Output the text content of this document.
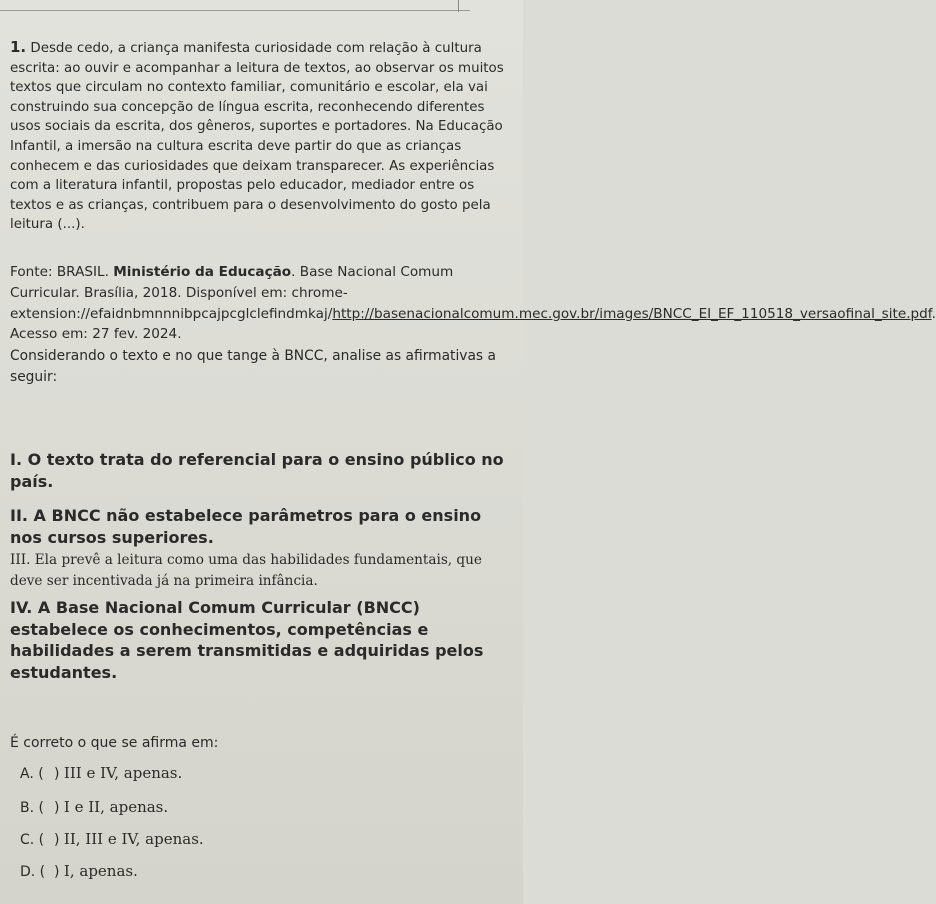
1. Desde cedo, a criança manifesta curiosidade com relação à cultura escrita: ao ouvir e acompanhar a leitura de textos, ao observar os muitos textos que circulam no contexto familiar, comunitário e escolar, ela vai construindo sua concepção de língua escrita, reconhecendo diferentes usos sociais da escrita, dos gêneros, suportes e portadores. Na Educação Infantil, a imersão na cultura escrita deve partir do que as crianças conhecem e das curiosidades que deixam transparecer. As experiências com a literatura infantil, propostas pelo educador, mediador entre os textos e as crianças, contribuem para o desenvolvimento do gosto pela leitura (...).
Fonte: BRASIL. Ministério da Educação. Base Nacional Comum Curricular. Brasília, 2018. Disponível em: chrome-extension://efaidnbmnnnibpcajpcglclefindmkaj/http://basenacionalcomum.mec.gov.br/images/BNCC_EI_EF_110518_versaofinal_site.pdf. Acesso em: 27 fev. 2024.
Considerando o texto e no que tange à BNCC, analise as afirmativas a seguir:
I. O texto trata do referencial para o ensino público no país.
II. A BNCC não estabelece parâmetros para o ensino nos cursos superiores.
III. Ela prevê a leitura como uma das habilidades fundamentais, que deve ser incentivada já na primeira infância.
IV. A Base Nacional Comum Curricular (BNCC) estabelece os conhecimentos, competências e habilidades a serem transmitidas e adquiridas pelos estudantes.
É correto o que se afirma em:
A. ( ) III e IV, apenas.
B. ( ) I e II, apenas.
C. ( ) II, III e IV, apenas.
D. ( ) I, apenas.
